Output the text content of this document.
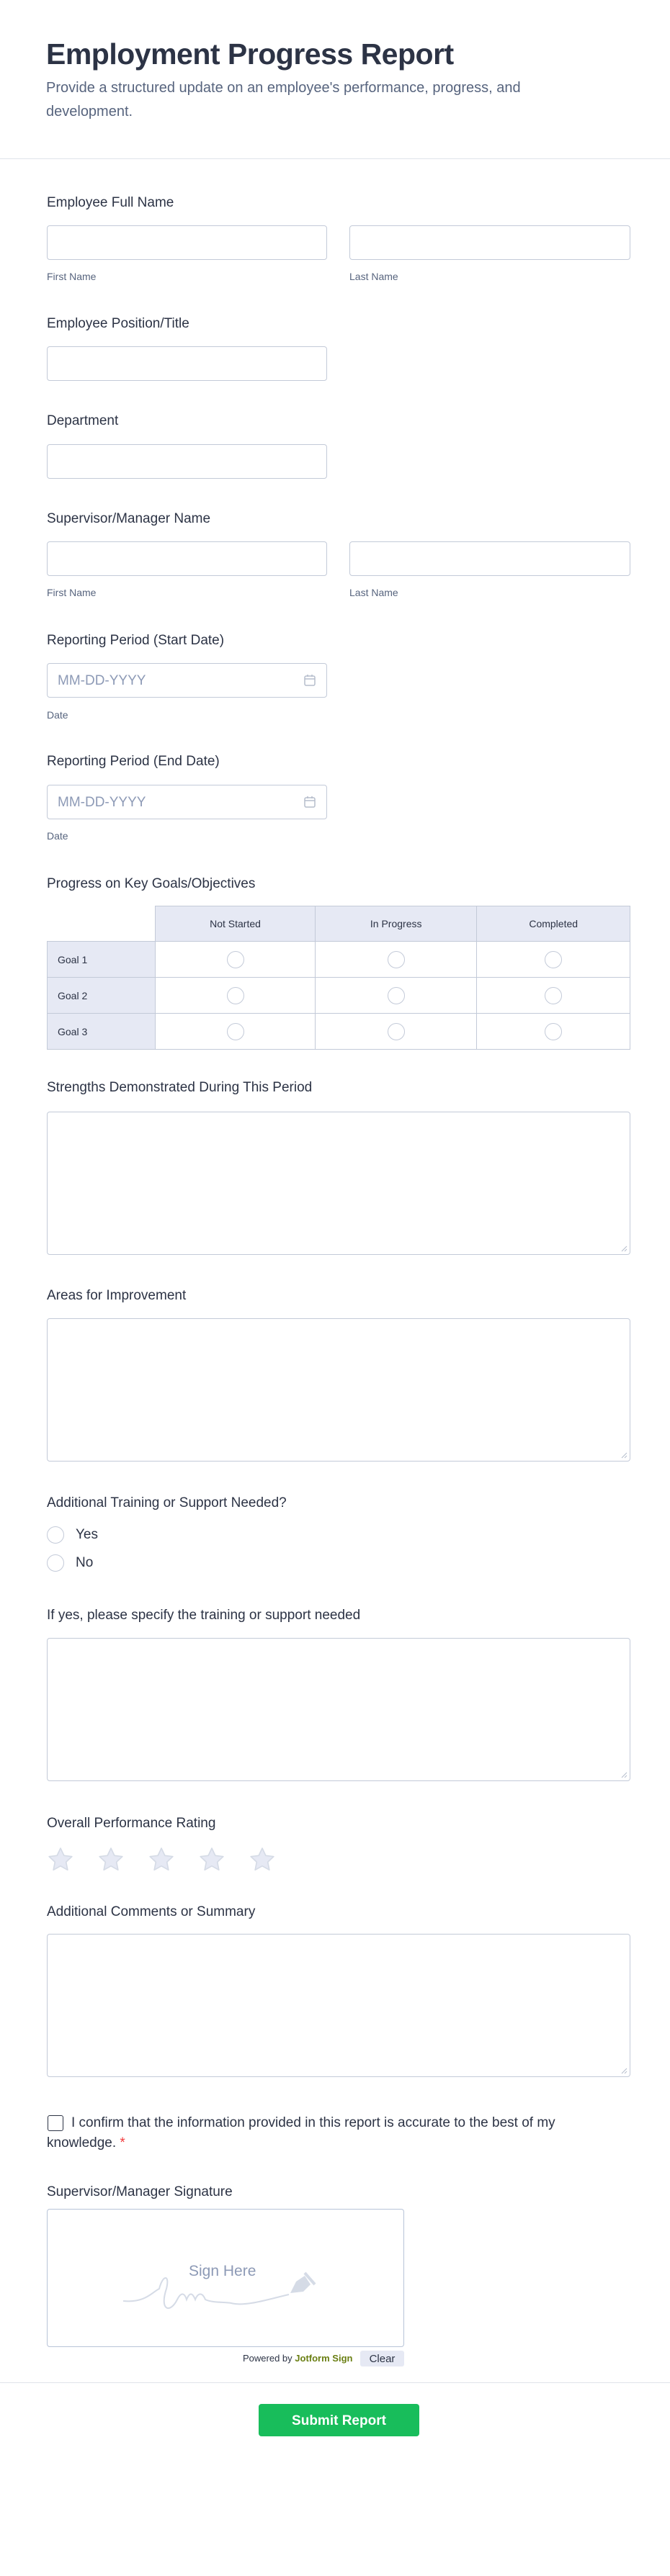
Employment Progress Report
Provide a structured update on an employee's performance, progress, and development.
Employee Full Name
First Name	Last Name
Employee Position/Title
Department
Supervisor/Manager Name
First Name	Last Name
Reporting Period (Start Date)
MM-DD-YYYY
Date
Reporting Period (End Date)
MM-DD-YYYY
Date
Progress on Key Goals/Objectives
	Not Started	In Progress	Completed
Goal 1			
Goal 2			
Goal 3			
Strengths Demonstrated During This Period
Areas for Improvement
Additional Training or Support Needed?
Yes
No
If yes, please specify the training or support needed
Overall Performance Rating
Additional Comments or Summary
I confirm that the information provided in this report is accurate to the best of my knowledge. *
Supervisor/Manager Signature
Sign Here
Powered by Jotform Sign	Clear
Submit Report
